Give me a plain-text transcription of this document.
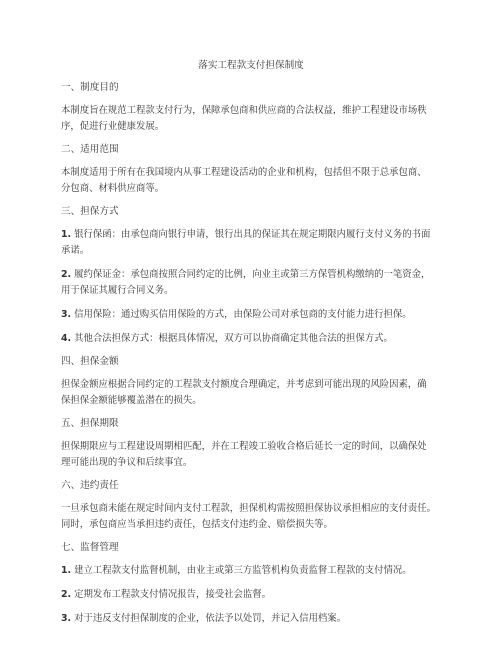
落实工程款支付担保制度
一、制度目的
本制度旨在规范工程款支付行为，保障承包商和供应商的合法权益，维护工程建设市场秩
序，促进行业健康发展。
二、适用范围
本制度适用于所有在我国境内从事工程建设活动的企业和机构，包括但不限于总承包商、
分包商、材料供应商等。
三、担保方式
1. 银行保函：由承包商向银行申请，银行出具的保证其在规定期限内履行支付义务的书面
承诺。
2. 履约保证金：承包商按照合同约定的比例，向业主或第三方保管机构缴纳的一笔资金，
用于保证其履行合同义务。
3. 信用保险：通过购买信用保险的方式，由保险公司对承包商的支付能力进行担保。
4. 其他合法担保方式：根据具体情况，双方可以协商确定其他合法的担保方式。
四、担保金额
担保金额应根据合同约定的工程款支付额度合理确定，并考虑到可能出现的风险因素，确
保担保金额能够覆盖潜在的损失。
五、担保期限
担保期限应与工程建设周期相匹配，并在工程竣工验收合格后延长一定的时间，以确保处
理可能出现的争议和后续事宜。
六、违约责任
一旦承包商未能在规定时间内支付工程款，担保机构需按照担保协议承担相应的支付责任。
同时，承包商应当承担违约责任，包括支付违约金、赔偿损失等。
七、监督管理
1. 建立工程款支付监督机制，由业主或第三方监管机构负责监督工程款的支付情况。
2. 定期发布工程款支付情况报告，接受社会监督。
3. 对于违反支付担保制度的企业，依法予以处罚，并记入信用档案。
